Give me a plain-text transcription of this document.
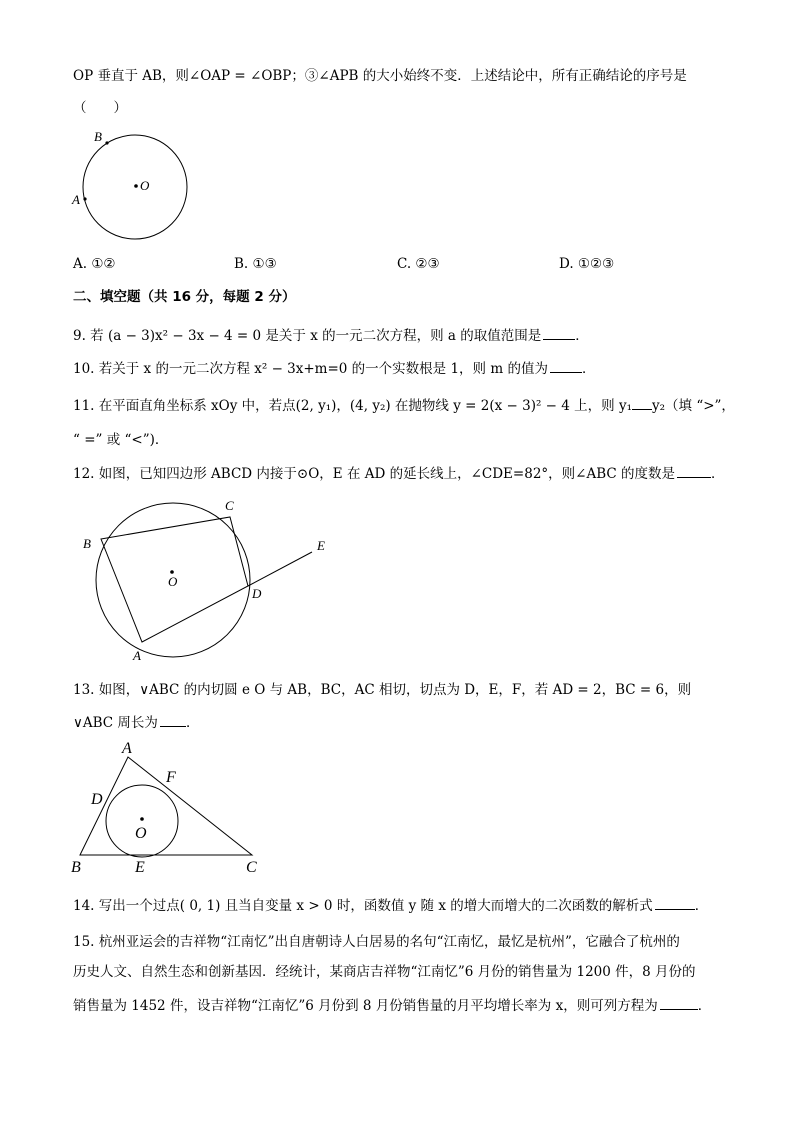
OP 垂直于 AB，则∠OAP = ∠OBP；③∠APB 的大小始终不变．上述结论中，所有正确结论的序号是
（　　）
B
A
O
A. ①②	B. ①③	C. ②③	D. ①②③
二、填空题（共 16 分，每题 2 分）
9. 若 (a − 3)x² − 3x − 4 = 0 是关于 x 的一元二次方程，则 a 的取值范围是	．
10. 若关于 x 的一元二次方程 x² − 3x+m=0 的一个实数根是 1，则 m 的值为	．
11. 在平面直角坐标系 xOy 中，若点(2, y₁)，(4, y₂) 在抛物线 y = 2(x − 3)² − 4 上，则 y₁ y₂（填 “>”，
“ =” 或 “<”)．
12. 如图，已知四边形 ABCD 内接于⊙O，E 在 AD 的延长线上，∠CDE=82°，则∠ABC 的度数是	．
B
C
D
A
E
O
13. 如图，∨ABC 的内切圆 e O 与 AB，BC，AC 相切，切点为 D，E，F，若 AD = 2，BC = 6，则
∨ABC 周长为 ．
A
F
D
O
B	E	C
14. 写出一个过点( 0, 1) 且当自变量 x > 0 时，函数值 y 随 x 的增大而增大的二次函数的解析式	．
15. 杭州亚运会的吉祥物“江南忆”出自唐朝诗人白居易的名句“江南忆，最忆是杭州”，它融合了杭州的
历史人文、自然生态和创新基因．经统计，某商店吉祥物“江南忆”6 月份的销售量为 1200 件，8 月份的
销售量为 1452 件，设吉祥物“江南忆”6 月份到 8 月份销售量的月平均增长率为 x，则可列方程为	．
